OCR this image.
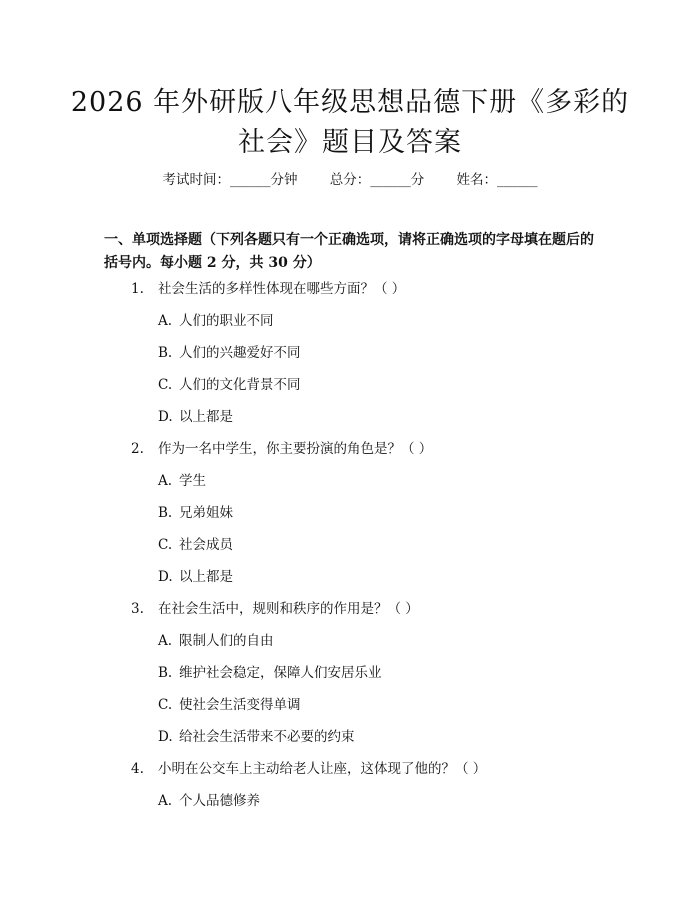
2026 年外研版八年级思想品德下册《多彩的
社会》题目及答案
考试时间：______分钟 总分：______分 姓名：______
一、单项选择题（下列各题只有一个正确选项，请将正确选项的字母填在题后的括号内。每小题 2 分，共 30 分）
1. 社会生活的多样性体现在哪些方面？（ ）
A. 人们的职业不同
B. 人们的兴趣爱好不同
C. 人们的文化背景不同
D. 以上都是
2. 作为一名中学生，你主要扮演的角色是？（ ）
A. 学生
B. 兄弟姐妹
C. 社会成员
D. 以上都是
3. 在社会生活中，规则和秩序的作用是？（ ）
A. 限制人们的自由
B. 维护社会稳定，保障人们安居乐业
C. 使社会生活变得单调
D. 给社会生活带来不必要的约束
4. 小明在公交车上主动给老人让座，这体现了他的？（ ）
A. 个人品德修养
